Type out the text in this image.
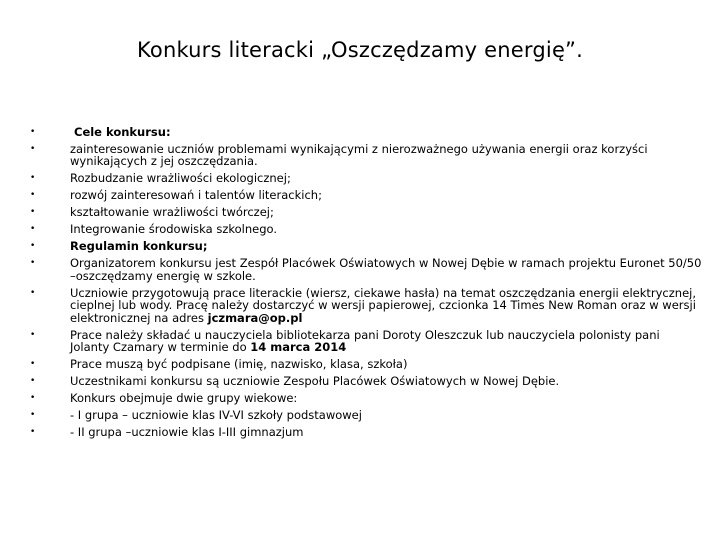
Konkurs literacki „Oszczędzamy energię”.
•	Cele konkursu:
•	zainteresowanie uczniów problemami wynikającymi z nierozważnego używania energii oraz korzyści wynikających z jej oszczędzania.
•	Rozbudzanie wrażliwości ekologicznej;
•	rozwój zainteresowań i talentów literackich;
•	kształtowanie wrażliwości twórczej;
•	Integrowanie środowiska szkolnego.
•	Regulamin konkursu;
•	Organizatorem konkursu jest Zespół Placówek Oświatowych w Nowej Dębie w ramach projektu Euronet 50/50 –oszczędzamy energię w szkole.
•	Uczniowie przygotowują prace literackie (wiersz, ciekawe hasła) na temat oszczędzania energii elektrycznej, cieplnej lub wody. Pracę należy dostarczyć w wersji papierowej, czcionka 14 Times New Roman oraz w wersji elektronicznej na adres jczmara@op.pl
•	Prace należy składać u nauczyciela bibliotekarza pani Doroty Oleszczuk lub nauczyciela polonisty pani Jolanty Czamary w terminie do 14 marca 2014
•	Prace muszą być podpisane (imię, nazwisko, klasa, szkoła)
•	Uczestnikami konkursu są uczniowie Zespołu Placówek Oświatowych w Nowej Dębie.
•	Konkurs obejmuje dwie grupy wiekowe:
•	- I grupa – uczniowie klas IV-VI szkoły podstawowej
•	- II grupa –uczniowie klas I-III gimnazjum
